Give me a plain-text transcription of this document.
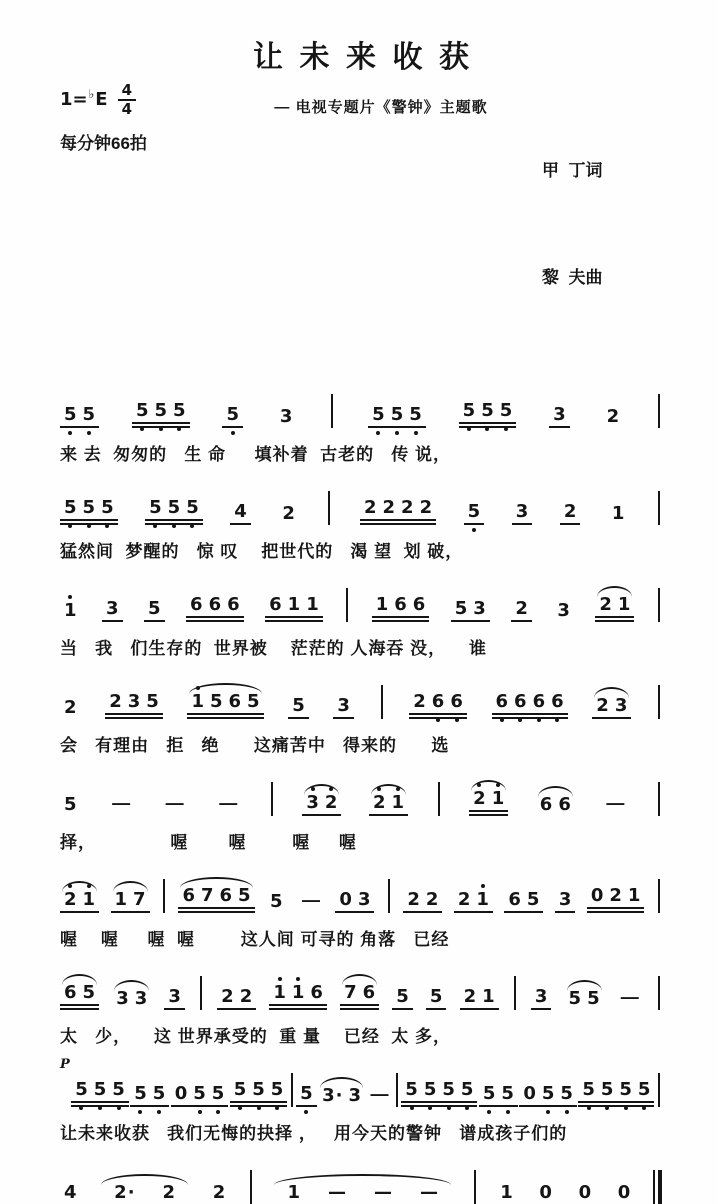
让未来收获
1= ♭ E $\frac{4}{4}$
每分钟66拍
— 电视专题片《警钟》主题歌

甲  丁词

黎  夫曲

5 5 5 5 5 5 3	5 5 5 5 5 5 3 2
来 去  匆匆的   生 命     填补着  古老的   传 说，
5 5 5 5 5 5 4 2	2 2 2 2 5 3 2 1
猛然间  梦醒的   惊 叹    把世代的   渴 望  划 破，
1 3 5 6 6 6 6 1 1	1 6 6 5 3 2 3 2 1
当   我   们生存的  世界被    茫茫的 人海吞 没，    谁
2 2 3 5 1 5 6 5 5 3	2 6 6 6 6 6 6 2 3
会   有理由   拒   绝      这痛苦中   得来的      选
5 — — —	3 2 2 1	2 1 6 6 —
择，             喔       喔        喔     喔
2 1 1 7 6 7 6 5 5 — 0 3 2 2 2 1 6 5 3 0 2 1
喔    喔     喔  喔        这人间 可寻的 角落   已经
6 5 3 3 3 2 2 1 1 6 7 6 5 5 2 1 3 5 5 —
太   少，    这 世界承受的  重 量    已经  太 多，
P
5 5 5 5 5 0 5 5 5 5 5 5 3· 3 — 5 5 5 5 5 5 0 5 5 5 5 5 5
让未来收获   我们无悔的抉择 ，   用今天的警钟   谱成孩子们的
4 2· 2 2	1 — — —	1 0 0 0
